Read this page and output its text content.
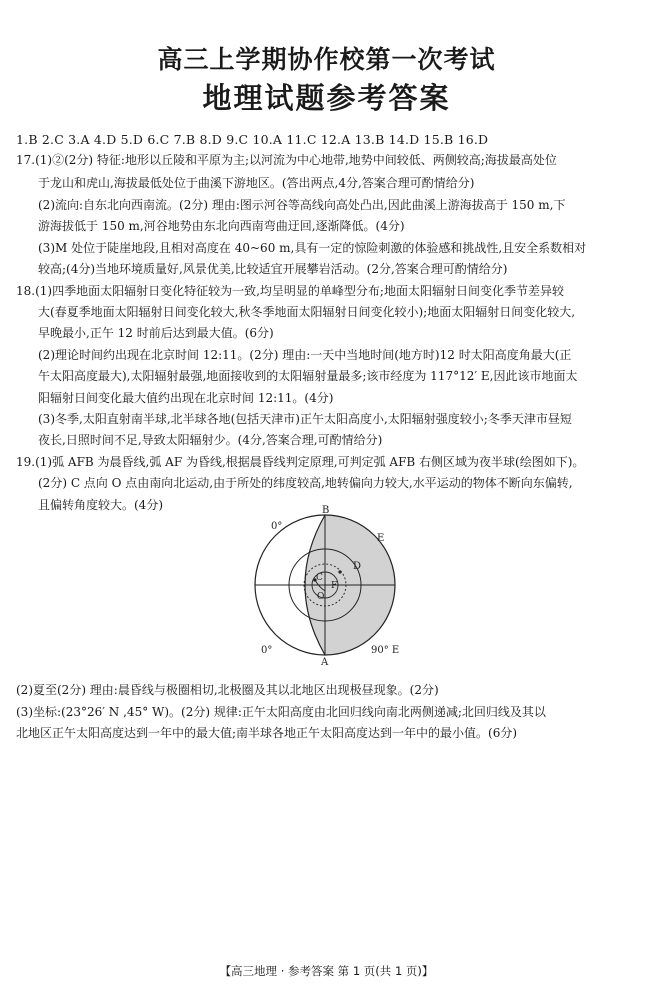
高三上学期协作校第一次考试
地理试题参考答案
1.B 2.C 3.A 4.D 5.D 6.C 7.B 8.D 9.C 10.A 11.C 12.A 13.B 14.D 15.B 16.D
17.(1)②(2分) 特征:地形以丘陵和平原为主;以河流为中心地带,地势中间较低、两侧较高;海拔最高处位
于龙山和虎山,海拔最低处位于曲溪下游地区。(答出两点,4分,答案合理可酌情给分)
(2)流向:自东北向西南流。(2分) 理由:图示河谷等高线向高处凸出,因此曲溪上游海拔高于 150 m,下
游海拔低于 150 m,河谷地势由东北向西南弯曲迂回,逐渐降低。(4分)
(3)M 处位于陡崖地段,且相对高度在 40~60 m,具有一定的惊险刺激的体验感和挑战性,且安全系数相对
较高;(4分)当地环境质量好,风景优美,比较适宜开展攀岩活动。(2分,答案合理可酌情给分)
18.(1)四季地面太阳辐射日变化特征较为一致,均呈明显的单峰型分布;地面太阳辐射日间变化季节差异较
大(春夏季地面太阳辐射日间变化较大,秋冬季地面太阳辐射日间变化较小);地面太阳辐射日间变化较大,
早晚最小,正午 12 时前后达到最大值。(6分)
(2)理论时间约出现在北京时间 12:11。(2分) 理由:一天中当地时间(地方时)12 时太阳高度角最大(正
午太阳高度最大),太阳辐射最强,地面接收到的太阳辐射量最多;该市经度为 117°12′ E,因此该市地面太
阳辐射日间变化最大值约出现在北京时间 12:11。(4分)
(3)冬季,太阳直射南半球,北半球各地(包括天津市)正午太阳高度小,太阳辐射强度较小;冬季天津市昼短
夜长,日照时间不足,导致太阳辐射少。(4分,答案合理,可酌情给分)
19.(1)弧 AFB 为晨昏线,弧 AF 为昏线,根据晨昏线判定原理,可判定弧 AFB 右侧区域为夜半球(绘图如下)。
(2分) C 点向 O 点由南向北运动,由于所处的纬度较高,地转偏向力较大,水平运动的物体不断向东偏转,
且偏转角度较大。(4分)	B
E
D
C
F
O
A
0°
0°	90° E
(2)夏至(2分) 理由:晨昏线与极圈相切,北极圈及其以北地区出现极昼现象。(2分)
(3)坐标:(23°26′ N ,45° W)。(2分) 规律:正午太阳高度由北回归线向南北两侧递减;北回归线及其以
北地区正午太阳高度达到一年中的最大值;南半球各地正午太阳高度达到一年中的最小值。(6分)
【高三地理 · 参考答案 第 1 页(共 1 页)】
